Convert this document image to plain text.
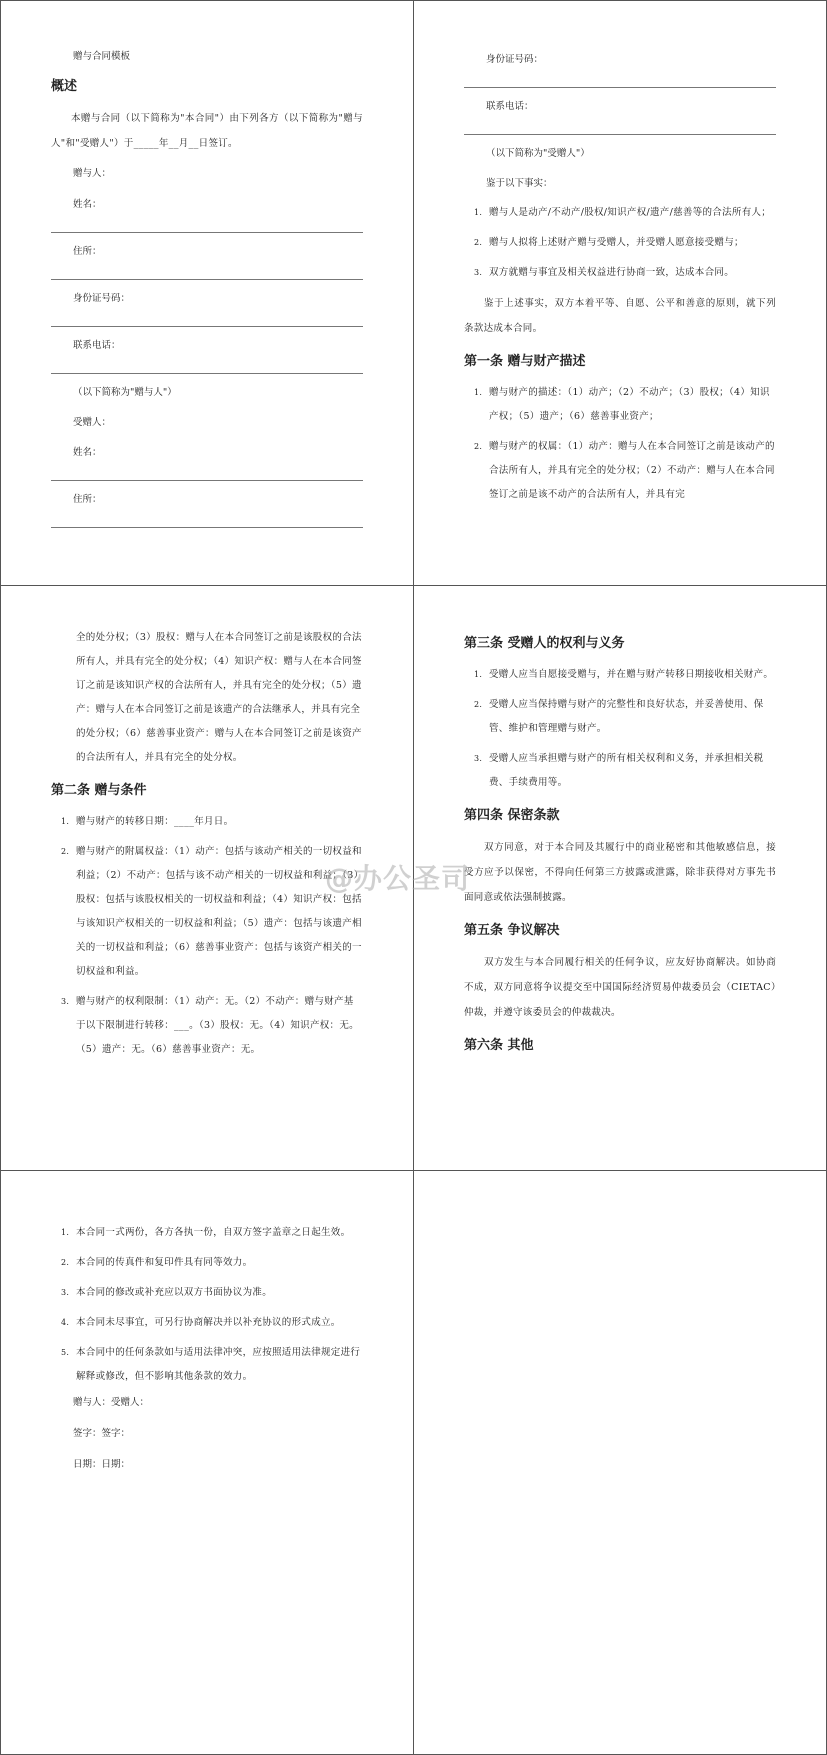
赠与合同模板

概述

本赠与合同（以下简称为"本合同"）由下列各方（以下简称为"赠与人"和"受赠人"）于_____年__月__日签订。

赠与人：

姓名：

住所：

身份证号码：

联系电话：

（以下简称为"赠与人"）

受赠人：

姓名：

住所：

身份证号码：

联系电话：

（以下简称为"受赠人"）

鉴于以下事实：

1. 赠与人是动产/不动产/股权/知识产权/遗产/慈善等的合法所有人；
2. 赠与人拟将上述财产赠与受赠人，并受赠人愿意接受赠与；
3. 双方就赠与事宜及相关权益进行协商一致，达成本合同。

鉴于上述事实，双方本着平等、自愿、公平和善意的原则，就下列条款达成本合同。

第一条 赠与财产描述

1. 赠与财产的描述：（1）动产；（2）不动产；（3）股权；（4）知识产权；（5）遗产；（6）慈善事业资产；
2. 赠与财产的权属：（1）动产：赠与人在本合同签订之前是该动产的合法所有人，并具有完全的处分权；（2）不动产：赠与人在本合同签订之前是该不动产的合法所有人，并具有完

全的处分权；（3）股权：赠与人在本合同签订之前是该股权的合法所有人，并具有完全的处分权；（4）知识产权：赠与人在本合同签订之前是该知识产权的合法所有人，并具有完全的处分权；（5）遗产：赠与人在本合同签订之前是该遗产的合法继承人，并具有完全的处分权；（6）慈善事业资产：赠与人在本合同签订之前是该资产的合法所有人，并具有完全的处分权。

第二条 赠与条件

1. 赠与财产的转移日期：____年月日。
2. 赠与财产的附属权益：（1）动产：包括与该动产相关的一切权益和利益；（2）不动产：包括与该不动产相关的一切权益和利益；（3）股权：包括与该股权相关的一切权益和利益；（4）知识产权：包括与该知识产权相关的一切权益和利益；（5）遗产：包括与该遗产相关的一切权益和利益；（6）慈善事业资产：包括与该资产相关的一切权益和利益。
3. 赠与财产的权利限制：（1）动产：无。（2）不动产：赠与财产基于以下限制进行转移：___。（3）股权：无。（4）知识产权：无。（5）遗产：无。（6）慈善事业资产：无。

第三条 受赠人的权利与义务

1. 受赠人应当自愿接受赠与，并在赠与财产转移日期接收相关财产。
2. 受赠人应当保持赠与财产的完整性和良好状态，并妥善使用、保管、维护和管理赠与财产。
3. 受赠人应当承担赠与财产的所有相关权利和义务，并承担相关税费、手续费用等。

第四条 保密条款

双方同意，对于本合同及其履行中的商业秘密和其他敏感信息，接受方应予以保密，不得向任何第三方披露或泄露，除非获得对方事先书面同意或依法强制披露。

第五条 争议解决

双方发生与本合同履行相关的任何争议，应友好协商解决。如协商不成，双方同意将争议提交至中国国际经济贸易仲裁委员会（CIETAC）仲裁，并遵守该委员会的仲裁裁决。

第六条 其他

1. 本合同一式两份，各方各执一份，自双方签字盖章之日起生效。
2. 本合同的传真件和复印件具有同等效力。
3. 本合同的修改或补充应以双方书面协议为准。
4. 本合同未尽事宜，可另行协商解决并以补充协议的形式成立。
5. 本合同中的任何条款如与适用法律冲突，应按照适用法律规定进行解释或修改，但不影响其他条款的效力。

赠与人：受赠人：

签字：签字：

日期：日期：

@办公圣司
